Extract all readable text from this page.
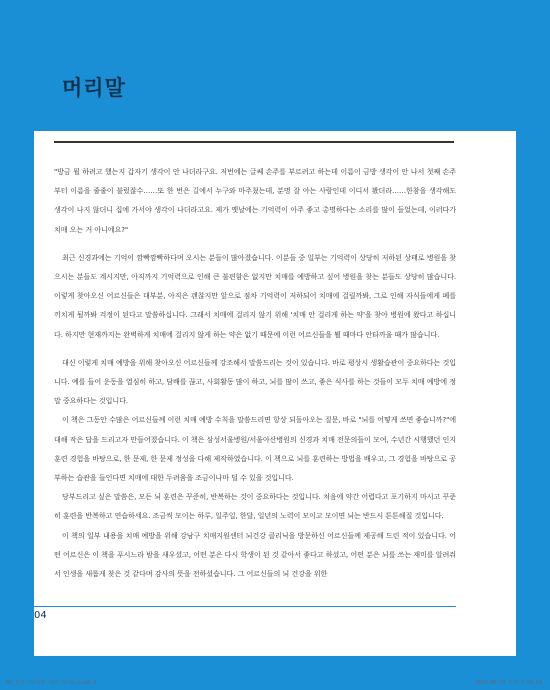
머리말

"방금 뭘 하려고 했는지 갑자기 생각이 안 나더라구요. 저번에는 글쎄 손주를 부르려고 하는데 이름이 금방 생각이 안 나서 첫째 손주부터 이름을 줄줄이 불렀잖수……또 한 번은 길에서 누구와 마주쳤는데, 분명 잘 아는 사람인데 이디서 봤더라……한참을 생각해도 생각이 나지 않더니 집에 가서야 생각이 나더라고요. 제가 옛날에는 기억력이 아주 좋고 총명하다는 소리를 많이 들었는데, 이러다가 치매 오는 거 아니에요?"

최근 신경과에는 기억이 깜빡깜빡하다며 오시는 분들이 많아졌습니다. 이분들 중 일부는 기억력이 상당히 저하된 상태로 병원을 찾으시는 분들도 계시지만, 아직까지 기억력으로 인해 큰 불편함은 없지만 치매를 예방하고 싶어 병원을 찾는 분들도 상당히 많습니다. 이렇게 찾아오신 어르신들은 대부분, 아직은 괜찮지만 앞으로 점차 기억력이 저하되어 치매에 걸릴까봐, 그로 인해 자식들에게 폐를 끼치게 될까봐 걱정이 된다고 말씀하십니다. 그래서 치매에 걸리지 않기 위해 '치매 안 걸리게 하는 약'을 찾아 병원에 왔다고 하십니다. 하지만 현재까지는 완벽하게 치매에 걸리지 않게 하는 약은 없기 때문에 이런 어르신들을 뵐 때마다 안타까울 때가 많습니다.

대신 이렇게 치매 예방을 위해 찾아오신 어르신들께 강조해서 말씀드리는 것이 있습니다. 바로 평상시 생활습관이 중요하다는 것입니다. 예를 들어 운동을 열심히 하고, 담배를 끊고, 사회활동 많이 하고, 뇌를 많이 쓰고, 좋은 식사를 하는 것들이 모두 치매 예방에 정말 중요하다는 것입니다.

이 책은 그동안 수많은 어르신들께 이런 치매 예방 수칙을 말씀드리면 항상 되돌아오는 질문, 바로 "뇌를 어떻게 쓰면 좋습니까?"에 대해 작은 답을 드리고자 만들어졌습니다. 이 책은 삼성서울병원/서울아산병원의 신경과 치매 전문의들이 모여, 수년간 시행했던 인지 훈련 경험을 바탕으로, 한 문제, 한 문제 정성을 다해 제작하였습니다. 이 책으로 뇌를 훈련하는 방법을 배우고, 그 경험을 바탕으로 공부하는 습관을 들인다면 치매에 대한 두려움을 조금이나마 덜 수 있을 것입니다.

당부드리고 싶은 말씀은, 모든 뇌 훈련은 꾸준히, 반복하는 것이 중요하다는 것입니다. 처음에 약간 어렵다고 포기하지 마시고 꾸준히 훈련을 반복하고 연습하세요. 조금씩 모이는 하루, 일주일, 한달, 일년의 노력이 모이고 모이면 뇌는 반드시 튼튼해질 것입니다.

이 책의 일부 내용을 치매 예방을 위해 강남구 치매지원센터 뇌건강 클리닉을 방문하신 어르신들께 제공해 드린 적이 있습니다. 어떤 어르신은 이 책을 푸시느라 밤을 새우셨고, 어떤 분은 다시 학생이 된 것 같아서 좋다고 하셨고, 어떤 분은 뇌를 쓰는 재미를 알려줘서 인생을 새롭게 찾은 것 같다며 감사의 뜻을 전하셨습니다. 그 어르신들의 뇌 건강을 위한

04
00_본문 (뇌자영 내선_이나보.indd 4	2018-06-29 오후 1:54:54
